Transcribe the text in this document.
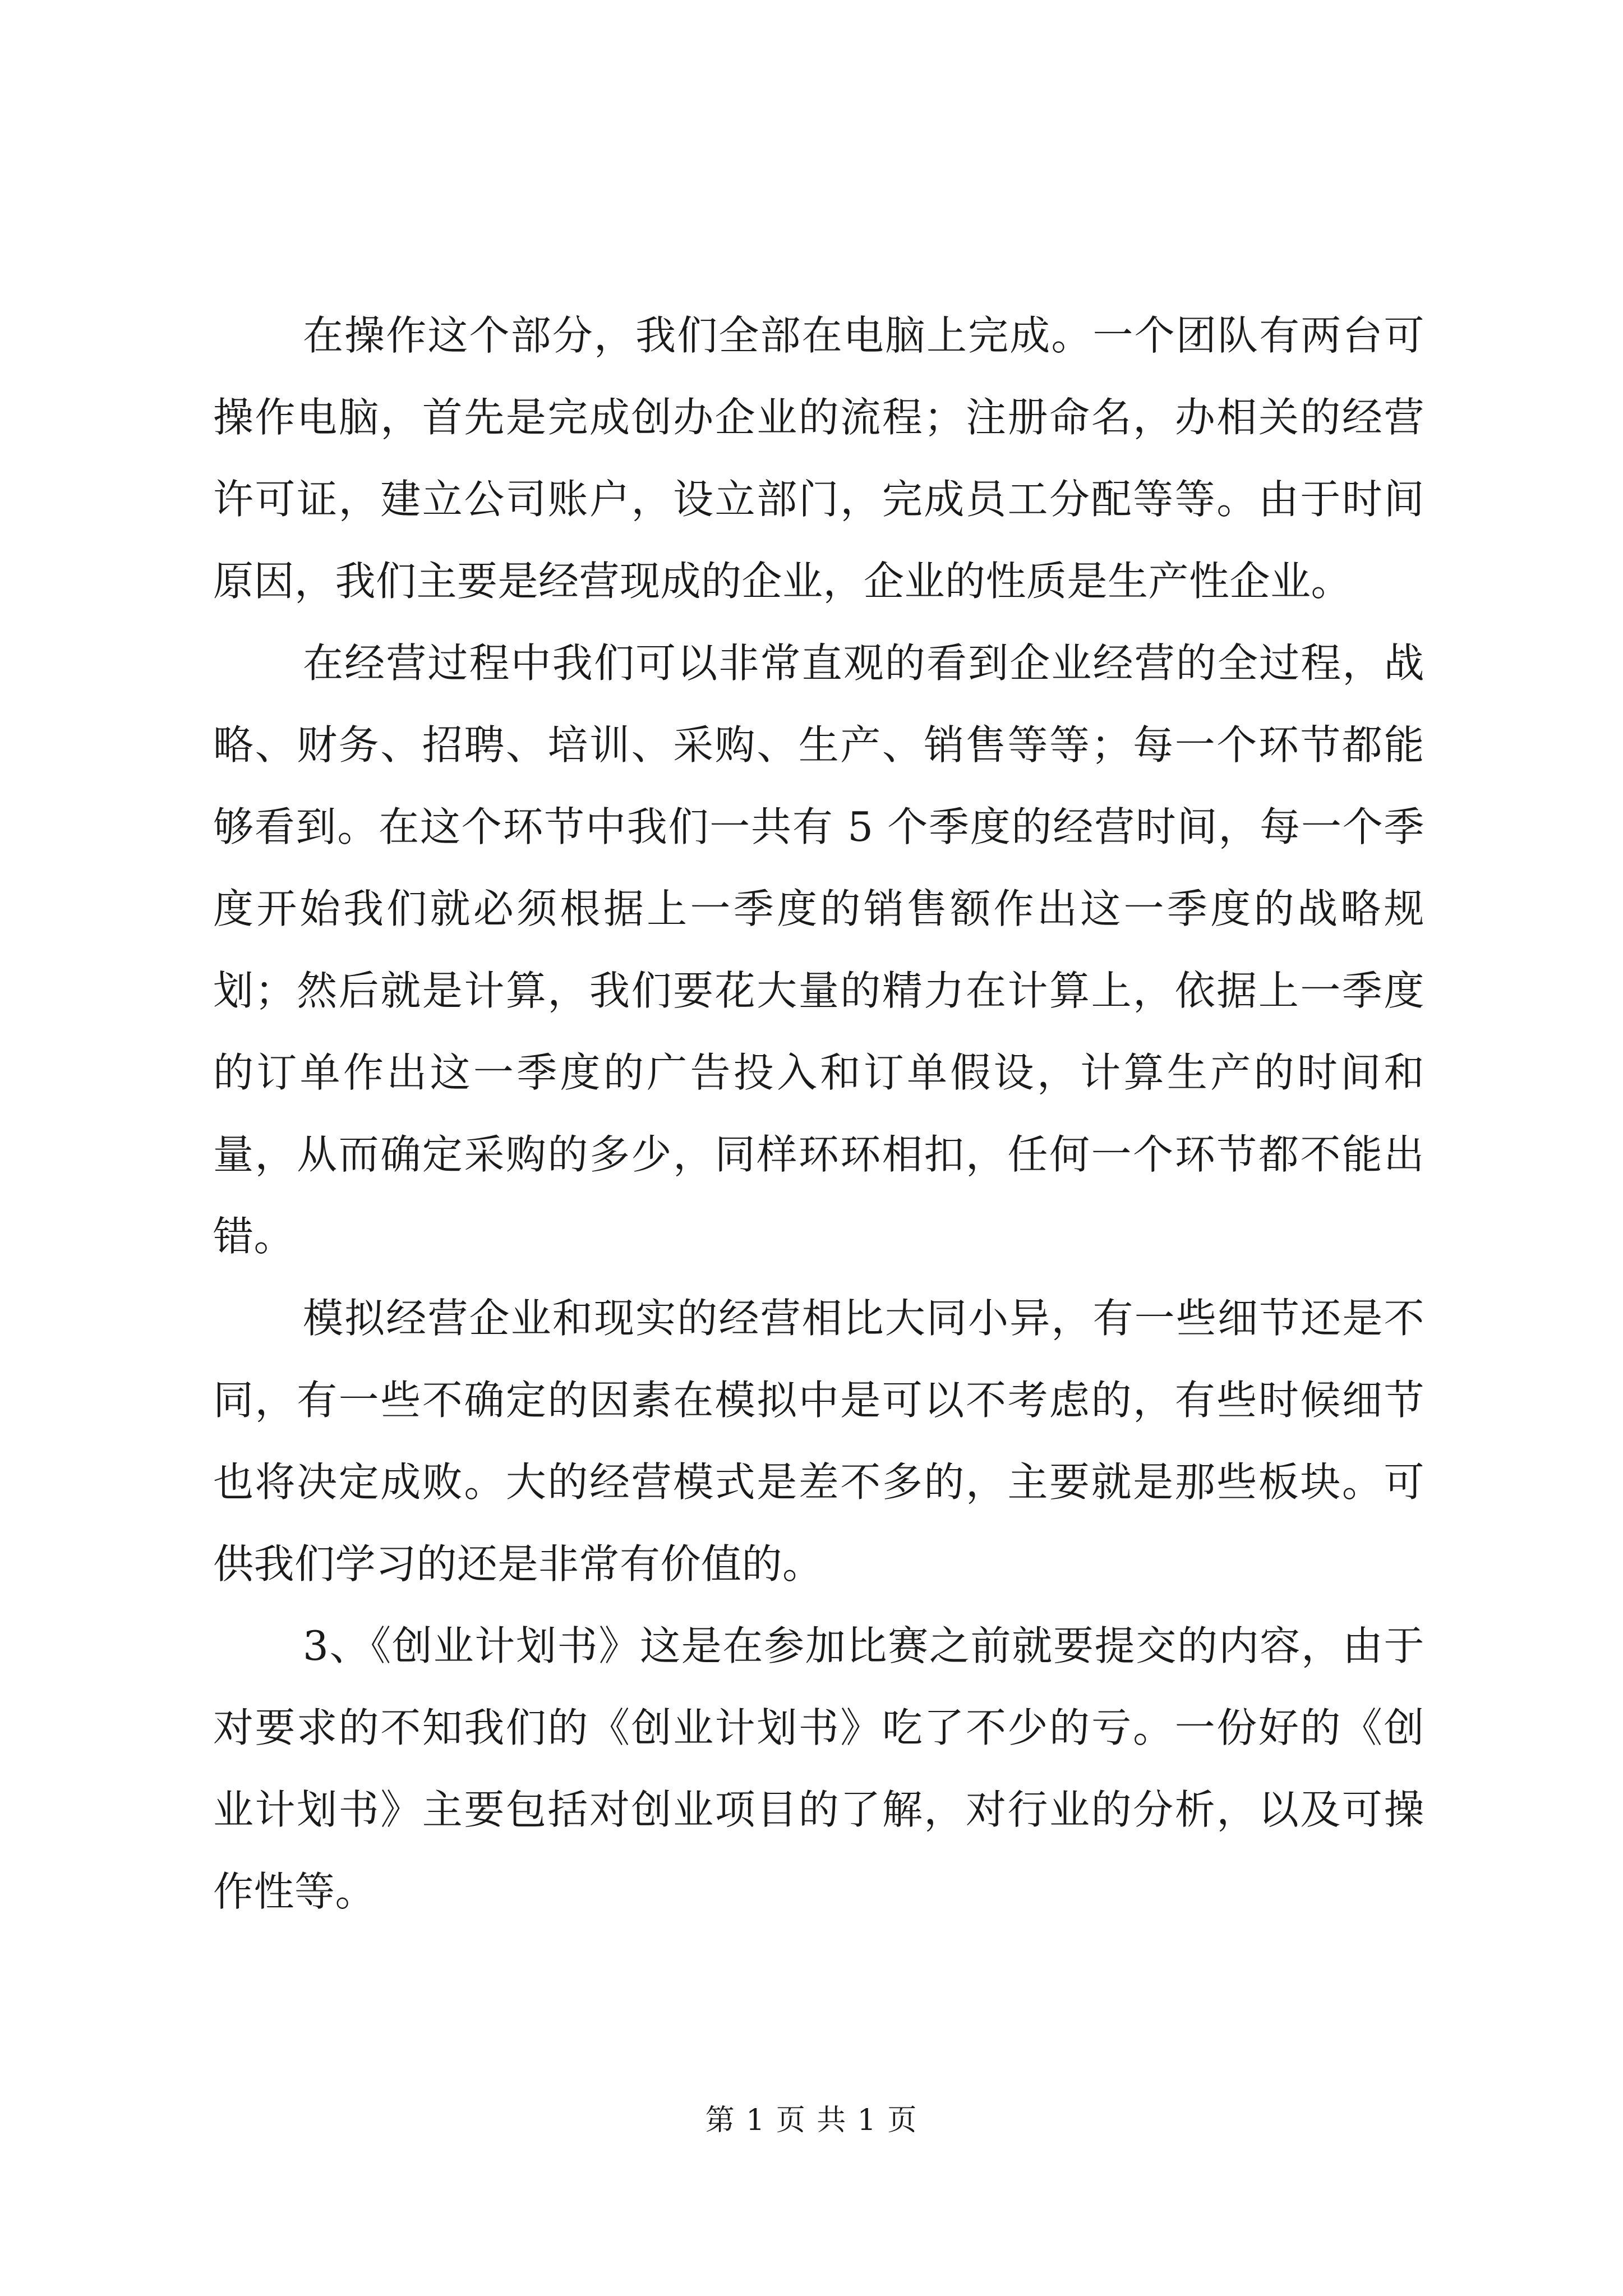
在操作这个部分，我们全部在电脑上完成。一个团队有两台可操作电脑，首先是完成创办企业的流程；注册命名，办相关的经营许可证，建立公司账户，设立部门，完成员工分配等等。由于时间原因，我们主要是经营现成的企业，企业的性质是生产性企业。

在经营过程中我们可以非常直观的看到企业经营的全过程，战略、财务、招聘、培训、采购、生产、销售等等；每一个环节都能够看到。在这个环节中我们一共有 5 个季度的经营时间，每一个季度开始我们就必须根据上一季度的销售额作出这一季度的战略规划；然后就是计算，我们要花大量的精力在计算上，依据上一季度的订单作出这一季度的广告投入和订单假设，计算生产的时间和量，从而确定采购的多少，同样环环相扣，任何一个环节都不能出错。

模拟经营企业和现实的经营相比大同小异，有一些细节还是不同，有一些不确定的因素在模拟中是可以不考虑的，有些时候细节也将决定成败。大的经营模式是差不多的，主要就是那些板块。可供我们学习的还是非常有价值的。

3、《创业计划书》这是在参加比赛之前就要提交的内容，由于对要求的不知我们的《创业计划书》吃了不少的亏。一份好的《创业计划书》主要包括对创业项目的了解，对行业的分析，以及可操作性等。

第 1 页 共 1 页
